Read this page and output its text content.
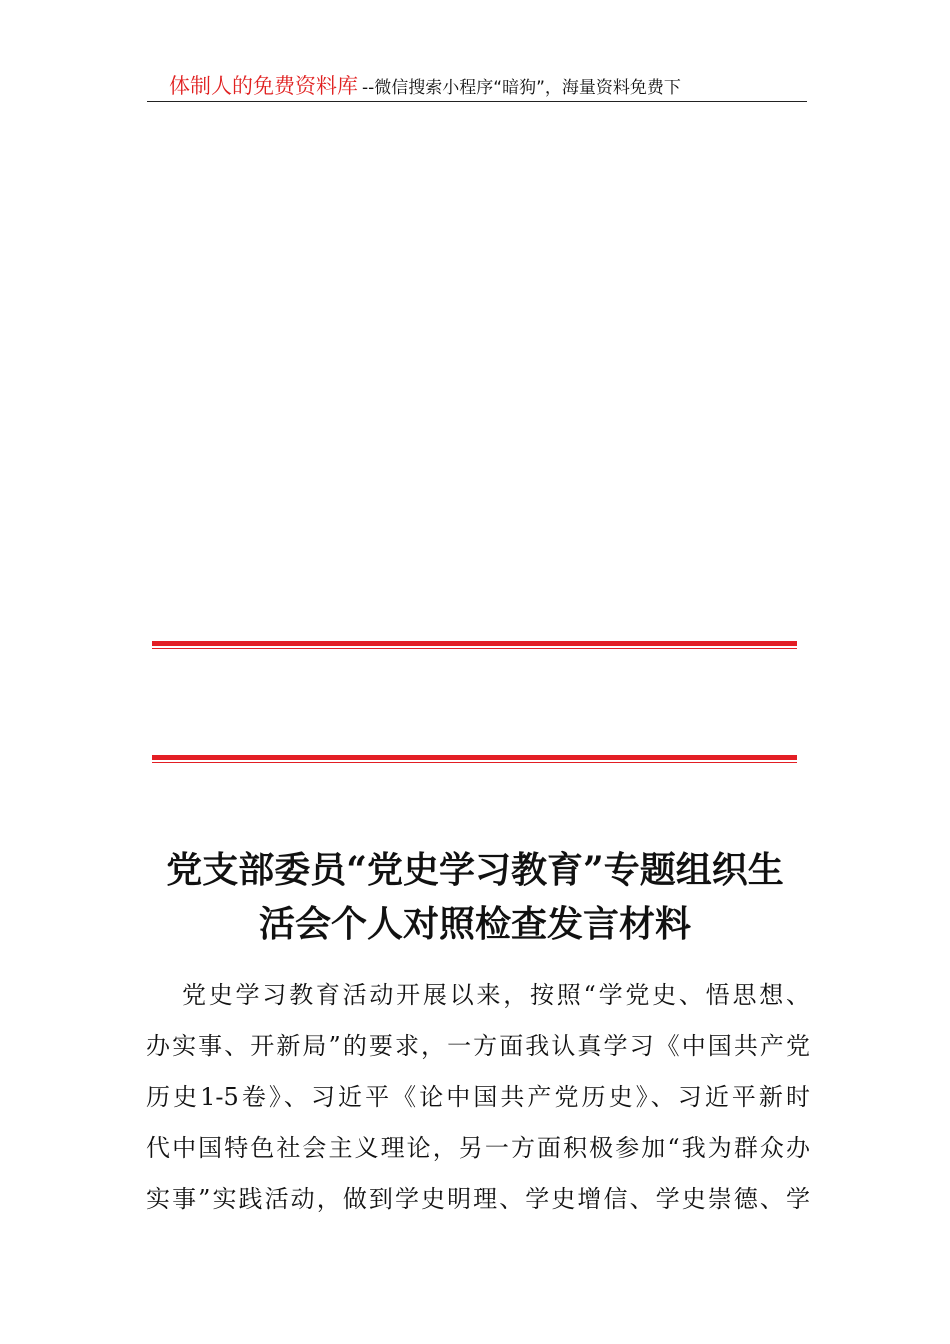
体制人的免费资料库 --微信搜索小程序“暗狗”，海量资料免费下
党支部委员“党史学习教育”专题组织生
活会个人对照检查发言材料
党史学习教育活动开展以来，按照“学党史、悟思想、
办实事、开新局”的要求，一方面我认真学习《中国共产党
历史1-5卷》、习近平《论中国共产党历史》、习近平新时
代中国特色社会主义理论，另一方面积极参加“我为群众办
实事”实践活动，做到学史明理、学史增信、学史崇德、学
